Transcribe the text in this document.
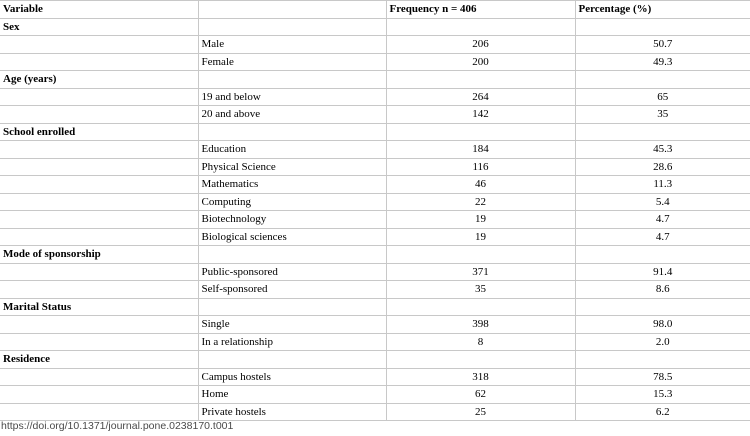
Variable		Frequency n = 406	Percentage (%)
Sex			
	Male	206	50.7
	Female	200	49.3
Age (years)			
	19 and below	264	65
	20 and above	142	35
School enrolled			
	Education	184	45.3
	Physical Science	116	28.6
	Mathematics	46	11.3
	Computing	22	5.4
	Biotechnology	19	4.7
	Biological sciences	19	4.7
Mode of sponsorship			
	Public-sponsored	371	91.4
	Self-sponsored	35	8.6
Marital Status			
	Single	398	98.0
	In a relationship	8	2.0
Residence			
	Campus hostels	318	78.5
	Home	62	15.3
	Private hostels	25	6.2
https://doi.org/10.1371/journal.pone.0238170.t001
